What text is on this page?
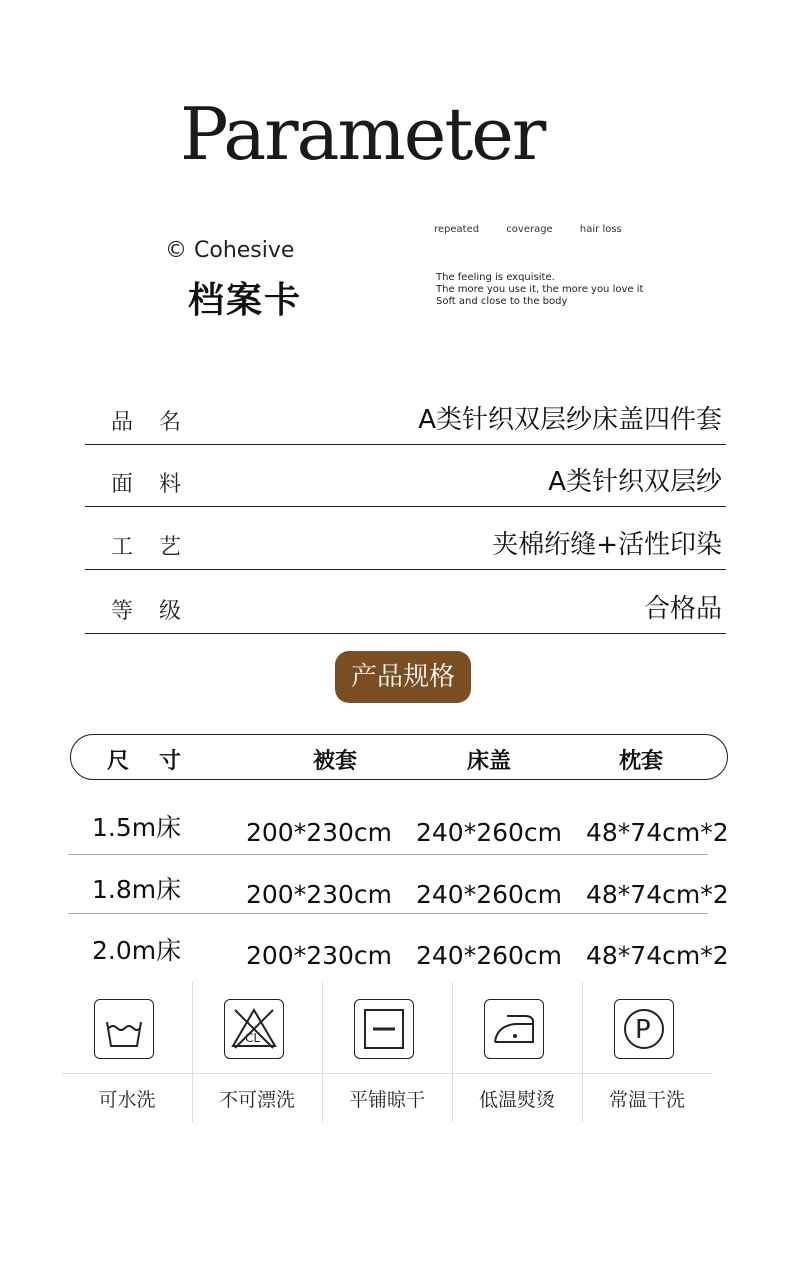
Parameter
© Cohesive
档案卡
repeated	coverage	hair loss
The feeling is exquisite.
The more you use it, the more you love it
Soft and close to the body
品名	A类针织双层纱床盖四件套
面料	A类针织双层纱
工艺	夹棉绗缝+活性印染
等级	合格品
产品规格
尺寸	被套	床盖	枕套
1.5m床	200*230cm 240*260cm 48*74cm*2
1.8m床	200*230cm 240*260cm 48*74cm*2
2.0m床	200*230cm 240*260cm 48*74cm*2
可水洗
CL
不可漂洗	平铺晾干	低温熨烫
P
常温干洗
